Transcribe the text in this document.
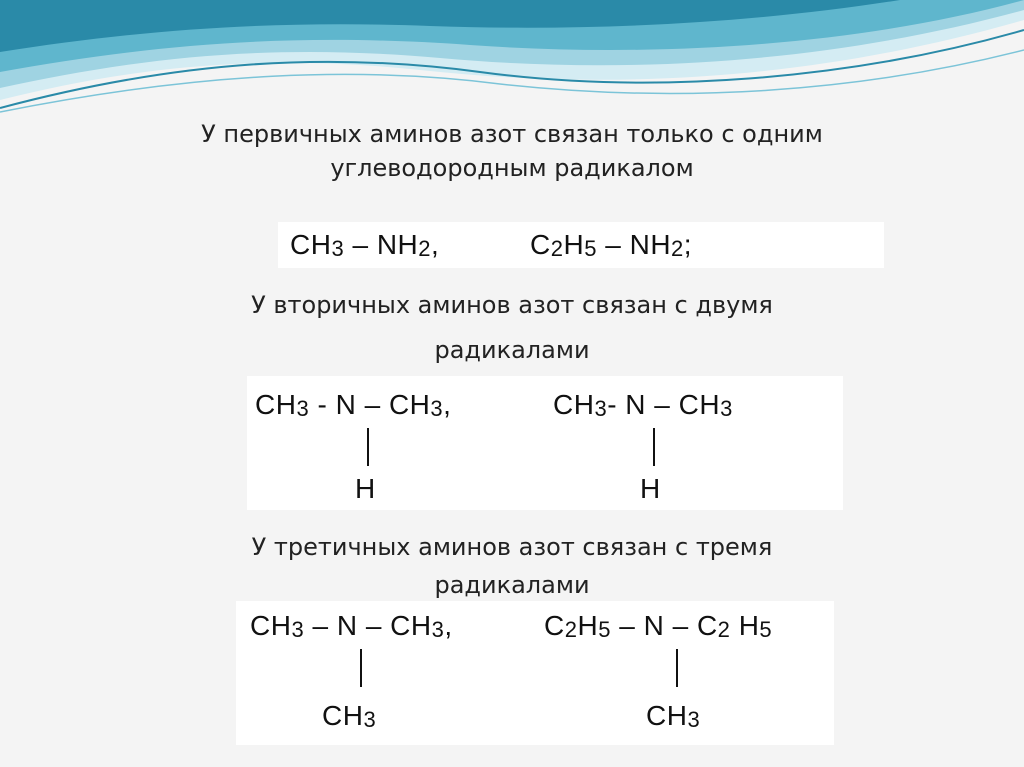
У первичных аминов азот связан только с одним
углеводородным радикалом
$CH_3 - NH_2$,	$C_2H_5 - NH_2$;
У вторичных аминов азот связан с двумя
радикалами
$CH_3$ - N – $CH_3$,
H
$CH_3-$ N – $CH_3$
H
У третичных аминов азот связан с тремя
радикалами
$CH_3$ – N – $CH_3$,
$CH_3$
$C_2H_5$ – N – $C_2$ $H_5$
$CH_3$
